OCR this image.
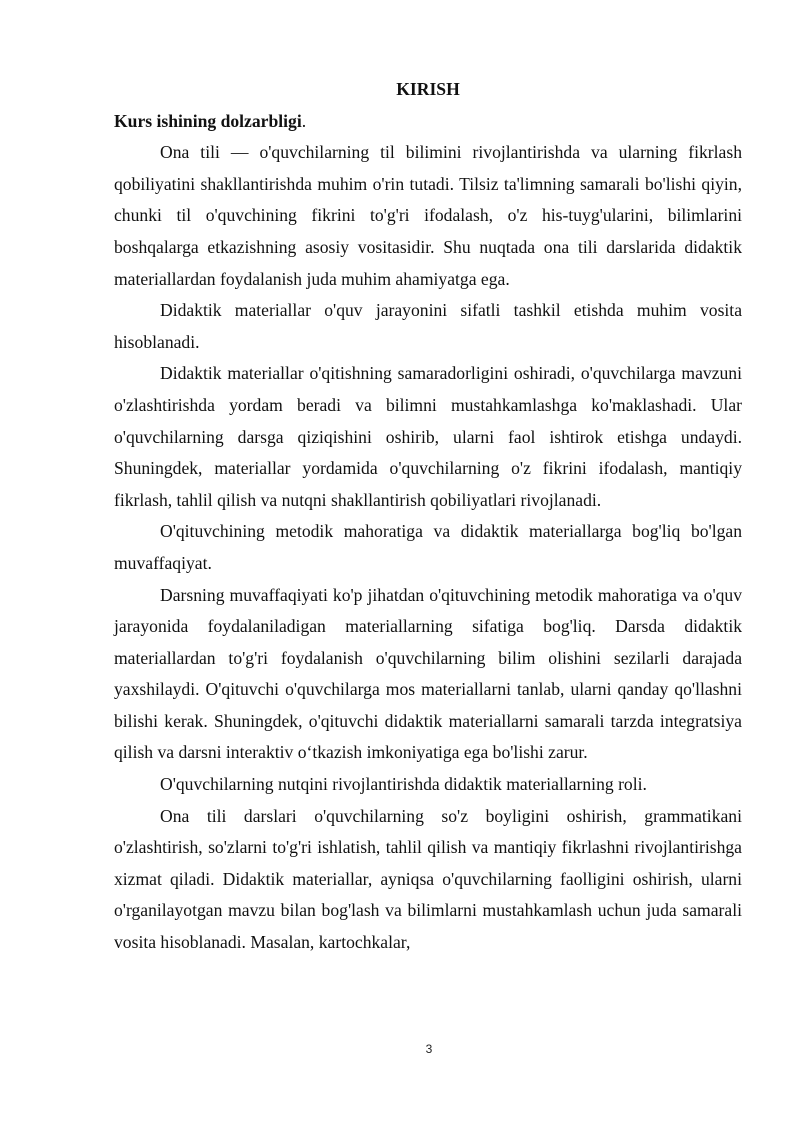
KIRISH
Kurs ishining dolzarbligi.

Ona tili — o'quvchilarning til bilimini rivojlantirishda va ularning fikrlash qobiliyatini shakllantirishda muhim o'rin tutadi. Tilsiz ta'limning samarali bo'lishi qiyin, chunki til o'quvchining fikrini to'g'ri ifodalash, o'z his-tuyg'ularini, bilimlarini boshqalarga etkazishning asosiy vositasidir. Shu nuqtada ona tili darslarida didaktik materiallardan foydalanish juda muhim ahamiyatga ega.

Didaktik materiallar o'quv jarayonini sifatli tashkil etishda muhim vosita hisoblanadi.

Didaktik materiallar o'qitishning samaradorligini oshiradi, o'quvchilarga mavzuni o'zlashtirishda yordam beradi va bilimni mustahkamlashga ko'maklashadi. Ular o'quvchilarning darsga qiziqishini oshirib, ularni faol ishtirok etishga undaydi. Shuningdek, materiallar yordamida o'quvchilarning o'z fikrini ifodalash, mantiqiy fikrlash, tahlil qilish va nutqni shakllantirish qobiliyatlari rivojlanadi.

O'qituvchining metodik mahoratiga va didaktik materiallarga bog'liq bo'lgan muvaffaqiyat.

Darsning muvaffaqiyati ko'p jihatdan o'qituvchining metodik mahoratiga va o'quv jarayonida foydalaniladigan materiallarning sifatiga bog'liq. Darsda didaktik materiallardan to'g'ri foydalanish o'quvchilarning bilim olishini sezilarli darajada yaxshilaydi. O'qituvchi o'quvchilarga mos materiallarni tanlab, ularni qanday qo'llashni bilishi kerak. Shuningdek, o'qituvchi didaktik materiallarni samarali tarzda integratsiya qilish va darsni interaktiv o‘tkazish imkoniyatiga ega bo'lishi zarur.

O'quvchilarning nutqini rivojlantirishda didaktik materiallarning roli.

Ona tili darslari o'quvchilarning so'z boyligini oshirish, grammatikani o'zlashtirish, so'zlarni to'g'ri ishlatish, tahlil qilish va mantiqiy fikrlashni rivojlantirishga xizmat qiladi. Didaktik materiallar, ayniqsa o'quvchilarning faolligini oshirish, ularni o'rganilayotgan mavzu bilan bog'lash va bilimlarni mustahkamlash uchun juda samarali vosita hisoblanadi. Masalan, kartochkalar,

3
